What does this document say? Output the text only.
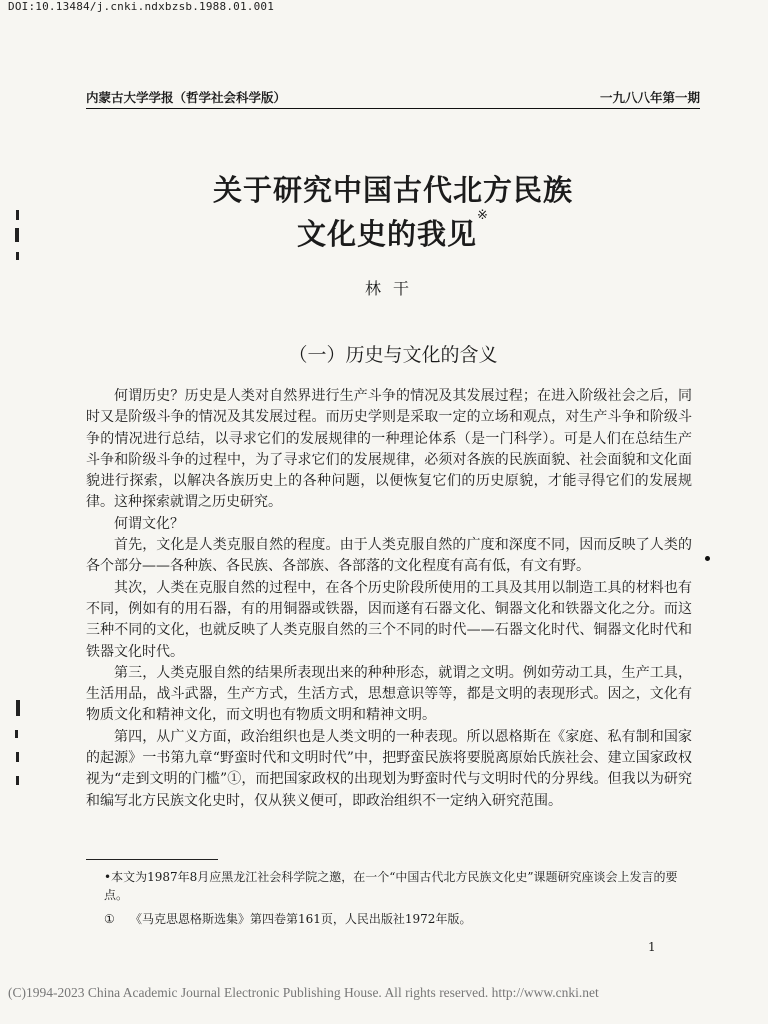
DOI:10.13484/j.cnki.ndxbzsb.1988.01.001
内蒙古大学学报（哲学社会科学版）	一九八八年第一期
关于研究中国古代北方民族
文化史的我见※
林干
（一）历史与文化的含义

何谓历史？历史是人类对自然界进行生产斗争的情况及其发展过程；在进入阶级社会之后，同时又是阶级斗争的情况及其发展过程。而历史学则是采取一定的立场和观点，对生产斗争和阶级斗争的情况进行总结，以寻求它们的发展规律的一种理论体系（是一门科学）。可是人们在总结生产斗争和阶级斗争的过程中，为了寻求它们的发展规律，必须对各族的民族面貌、社会面貌和文化面貌进行探索，以解决各族历史上的各种问题，以便恢复它们的历史原貌，才能寻得它们的发展规律。这种探索就谓之历史研究。

何谓文化？

首先，文化是人类克服自然的程度。由于人类克服自然的广度和深度不同，因而反映了人类的各个部分——各种族、各民族、各部族、各部落的文化程度有高有低，有文有野。

其次，人类在克服自然的过程中，在各个历史阶段所使用的工具及其用以制造工具的材料也有不同，例如有的用石器，有的用铜器或铁器，因而遂有石器文化、铜器文化和铁器文化之分。而这三种不同的文化，也就反映了人类克服自然的三个不同的时代——石器文化时代、铜器文化时代和铁器文化时代。

第三，人类克服自然的结果所表现出来的种种形态，就谓之文明。例如劳动工具，生产工具，生活用品，战斗武器，生产方式，生活方式，思想意识等等，都是文明的表现形式。因之，文化有物质文化和精神文化，而文明也有物质文明和精神文明。

第四，从广义方面，政治组织也是人类文明的一种表现。所以恩格斯在《家庭、私有制和国家的起源》一书第九章“野蛮时代和文明时代”中，把野蛮民族将要脱离原始氏族社会、建立国家政权视为“走到文明的门槛”①，而把国家政权的出现划为野蛮时代与文明时代的分界线。但我以为研究和编写北方民族文化史时，仅从狭义便可，即政治组织不一定纳入研究范围。

•本文为1987年8月应黑龙江社会科学院之邀，在一个“中国古代北方民族文化史”课题研究座谈会上发言的要点。
① 《马克思恩格斯选集》第四卷第161页，人民出版社1972年版。
1
(C)1994-2023 China Academic Journal Electronic Publishing House. All rights reserved. http://www.cnki.net
